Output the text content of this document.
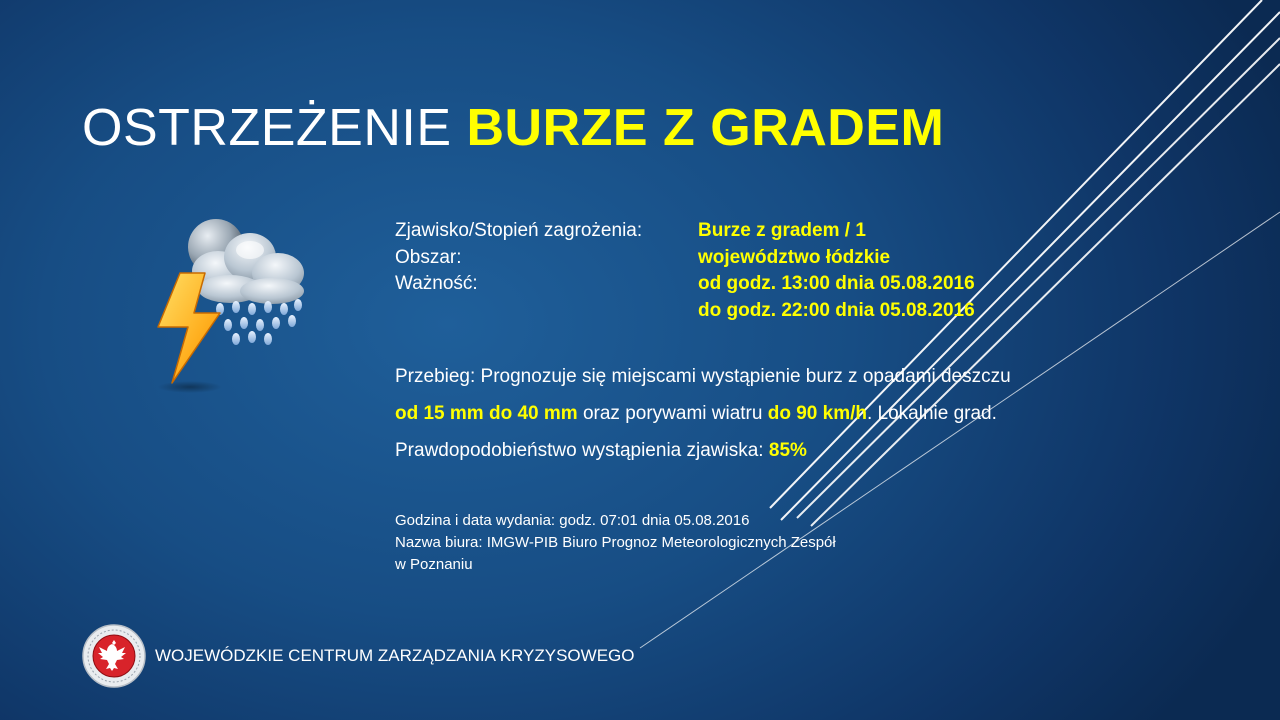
OSTRZEŻENIE BURZE Z GRADEM
Zjawisko/Stopień zagrożenia:	Burze z gradem / 1
Obszar:	województwo łódzkie
Ważność:	od godz. 13:00 dnia 05.08.2016
do godz. 22:00 dnia 05.08.2016

Przebieg: Prognozuje się miejscami wystąpienie burz z opadami deszczu

od 15 mm do 40 mm oraz porywami wiatru do 90 km/h. Lokalnie grad.

Prawdopodobieństwo wystąpienia zjawiska: 85%

Godzina i data wydania: godz. 07:01 dnia 05.08.2016
Nazwa biura: IMGW-PIB Biuro Prognoz Meteorologicznych Zespół
w Poznaniu
WOJEWÓDZKIE CENTRUM ZARZĄDZANIA KRYZYSOWEGO
